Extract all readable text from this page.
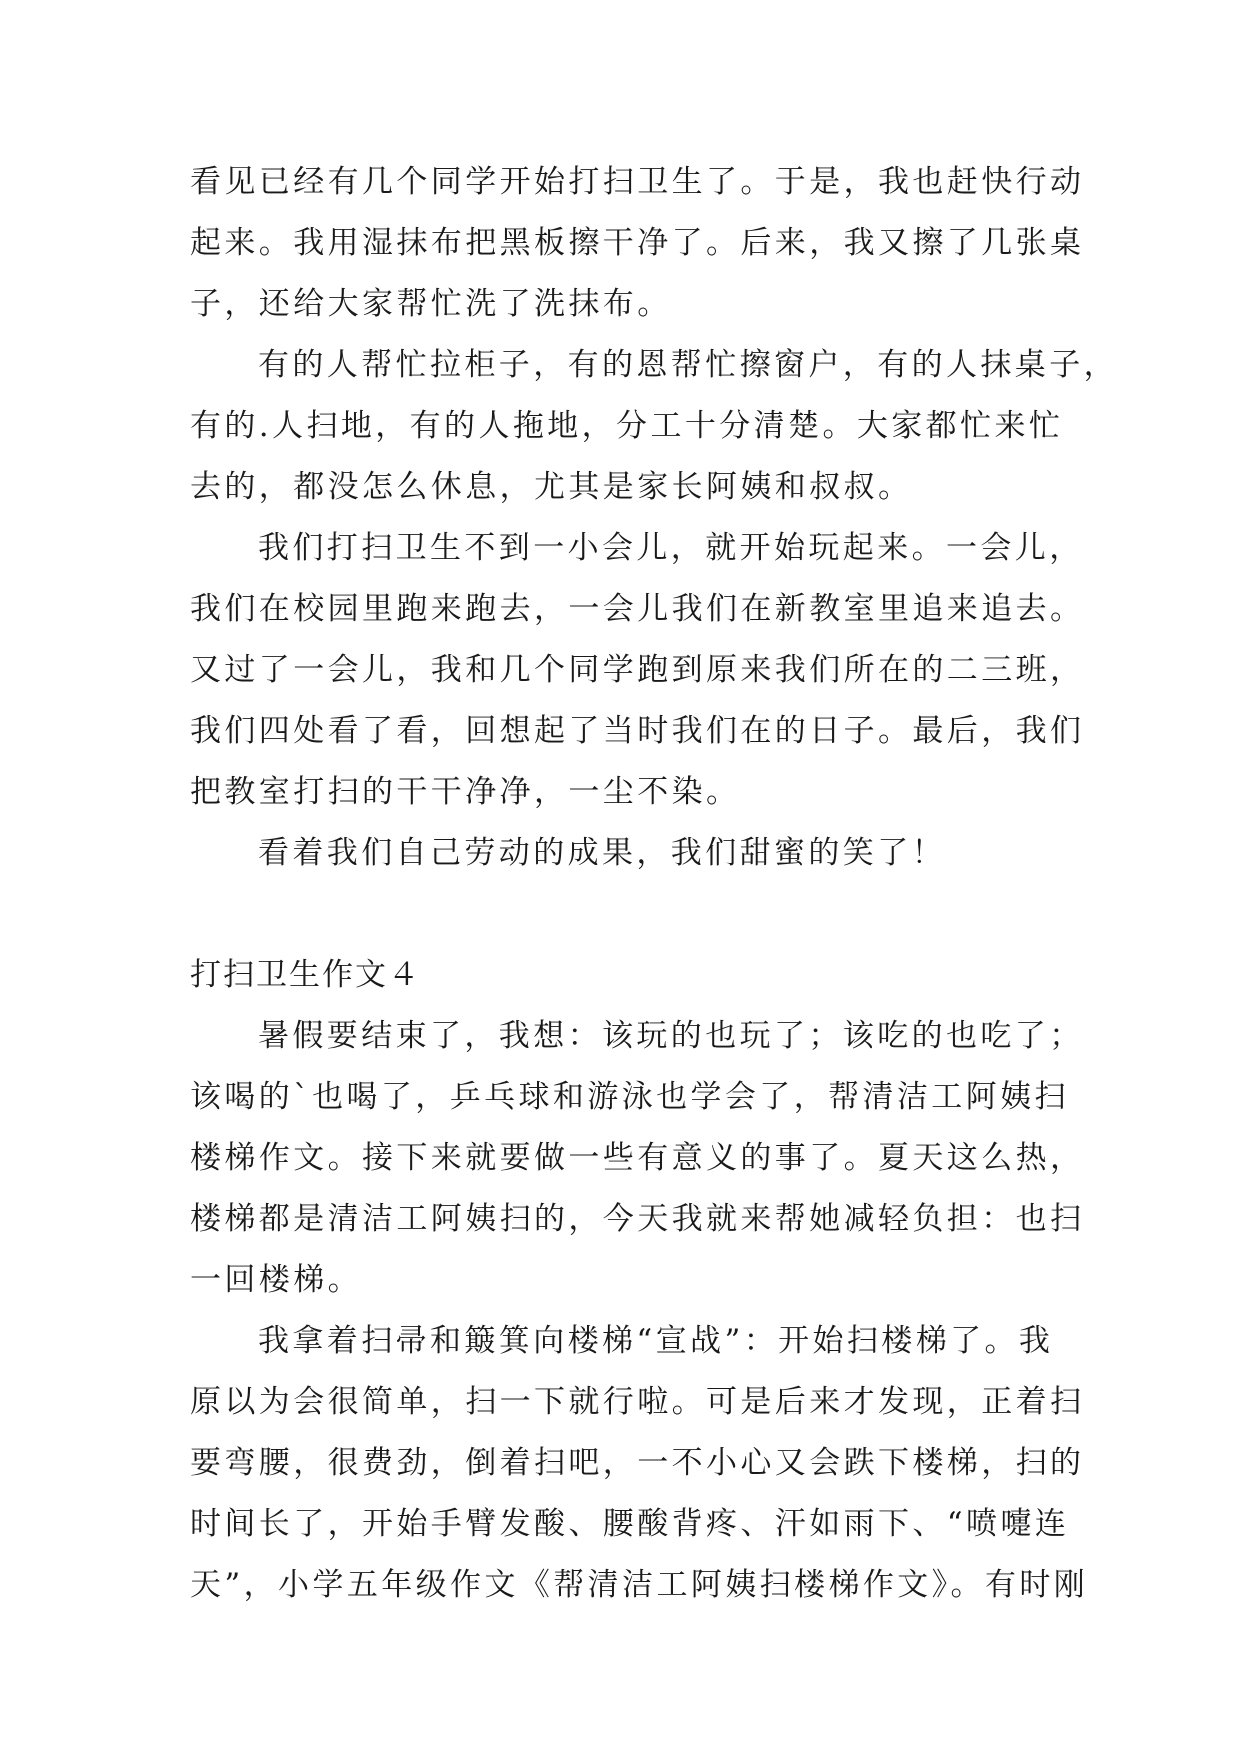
看见已经有几个同学开始打扫卫生了。于是，我也赶快行动
起来。我用湿抹布把黑板擦干净了。后来，我又擦了几张桌
子，还给大家帮忙洗了洗抹布。
有的人帮忙拉柜子，有的恩帮忙擦窗户，有的人抹桌子，
有的.人扫地，有的人拖地，分工十分清楚。大家都忙来忙
去的，都没怎么休息，尤其是家长阿姨和叔叔。
我们打扫卫生不到一小会儿，就开始玩起来。一会儿，
我们在校园里跑来跑去，一会儿我们在新教室里追来追去。
又过了一会儿，我和几个同学跑到原来我们所在的二三班，
我们四处看了看，回想起了当时我们在的日子。最后，我们
把教室打扫的干干净净，一尘不染。
看着我们自己劳动的成果，我们甜蜜的笑了！
打扫卫生作文４
暑假要结束了，我想：该玩的也玩了；该吃的也吃了；
该喝的`也喝了，乒乓球和游泳也学会了，帮清洁工阿姨扫
楼梯作文。接下来就要做一些有意义的事了。夏天这么热，
楼梯都是清洁工阿姨扫的，今天我就来帮她减轻负担：也扫
一回楼梯。
我拿着扫帚和簸箕向楼梯“宣战”：开始扫楼梯了。我
原以为会很简单，扫一下就行啦。可是后来才发现，正着扫
要弯腰，很费劲，倒着扫吧，一不小心又会跌下楼梯，扫的
时间长了，开始手臂发酸、腰酸背疼、汗如雨下、“喷嚏连
天”，小学五年级作文《帮清洁工阿姨扫楼梯作文》。有时刚
